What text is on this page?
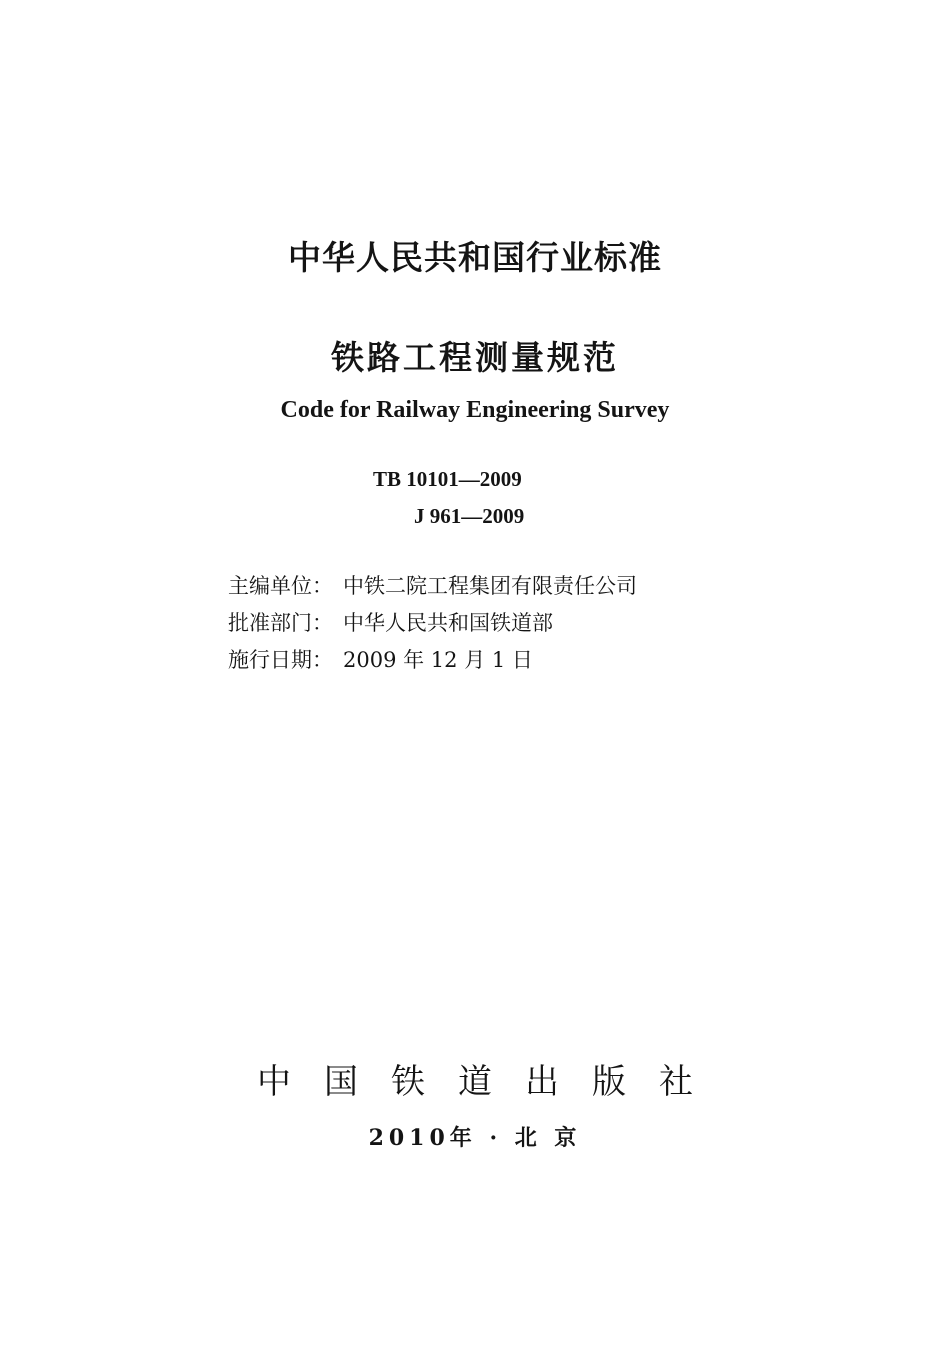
中华人民共和国行业标准
铁路工程测量规范
Code for Railway Engineering Survey
TB 10101—2009
J 961—2009
主编单位： 中铁二院工程集团有限责任公司
批准部门： 中华人民共和国铁道部
施行日期： 2009 年 12 月 1 日
中国铁道出版社
2010年 · 北 京
